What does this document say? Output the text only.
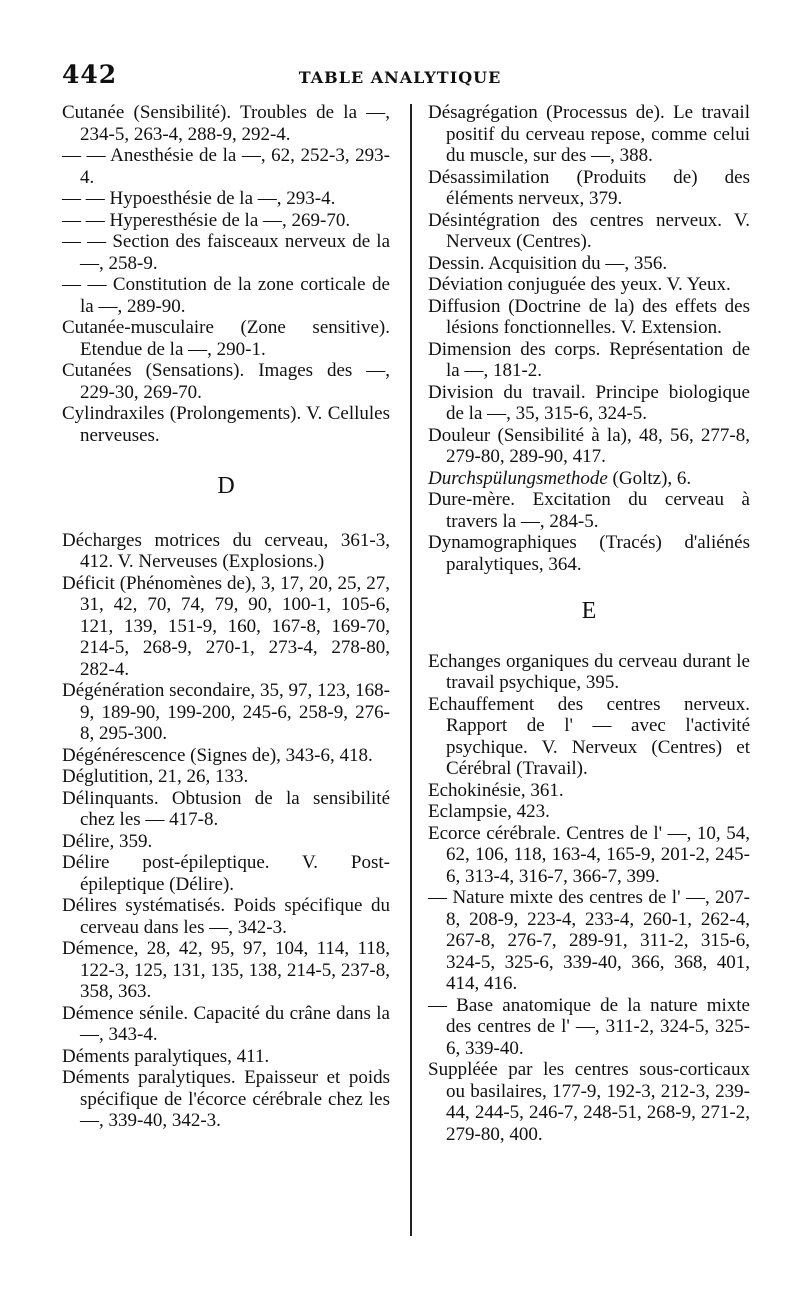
442	TABLE ANALYTIQUE

Cutanée (Sensibilité). Troubles de la —, 234-5, 263-4, 288-9, 292-4.

— — Anesthésie de la —, 62, 252-3, 293-4.

— — Hypoesthésie de la —, 293-4.

— — Hyperesthésie de la —, 269-70.

— — Section des faisceaux nerveux de la —, 258-9.

— — Constitution de la zone corticale de la —, 289-90.

Cutanée-musculaire (Zone sensitive). Etendue de la —, 290-1.

Cutanées (Sensations). Images des —, 229-30, 269-70.

Cylindraxiles (Prolongements). V. Cellules nerveuses.

D

Décharges motrices du cerveau, 361-3, 412. V. Nerveuses (Explosions.)

Déficit (Phénomènes de), 3, 17, 20, 25, 27, 31, 42, 70, 74, 79, 90, 100-1, 105-6, 121, 139, 151-9, 160, 167-8, 169-70, 214-5, 268-9, 270-1, 273-4, 278-80, 282-4.

Dégénération secondaire, 35, 97, 123, 168-9, 189-90, 199-200, 245-6, 258-9, 276-8, 295-300.

Dégénérescence (Signes de), 343-6, 418.

Déglutition, 21, 26, 133.

Délinquants. Obtusion de la sensibilité chez les — 417-8.

Délire, 359.

Délire post-épileptique. V. Post-épileptique (Délire).

Délires systématisés. Poids spécifique du cerveau dans les —, 342-3.

Démence, 28, 42, 95, 97, 104, 114, 118, 122-3, 125, 131, 135, 138, 214-5, 237-8, 358, 363.

Démence sénile. Capacité du crâne dans la —, 343-4.

Déments paralytiques, 411.

Déments paralytiques. Epaisseur et poids spécifique de l'écorce cérébrale chez les —, 339-40, 342-3.

Désagrégation (Processus de). Le travail positif du cerveau repose, comme celui du muscle, sur des —, 388.

Désassimilation (Produits de) des éléments nerveux, 379.

Désintégration des centres nerveux. V. Nerveux (Centres).

Dessin. Acquisition du —, 356.

Déviation conjuguée des yeux. V. Yeux.

Diffusion (Doctrine de la) des effets des lésions fonctionnelles. V. Extension.

Dimension des corps. Représentation de la —, 181-2.

Division du travail. Principe biologique de la —, 35, 315-6, 324-5.

Douleur (Sensibilité à la), 48, 56, 277-8, 279-80, 289-90, 417.

Durchspülungsmethode (Goltz), 6.

Dure-mère. Excitation du cerveau à travers la —, 284-5.

Dynamographiques (Tracés) d'aliénés paralytiques, 364.

E

Echanges organiques du cerveau durant le travail psychique, 395.

Echauffement des centres nerveux. Rapport de l' — avec l'activité psychique. V. Nerveux (Centres) et Cérébral (Travail).

Echokinésie, 361.

Eclampsie, 423.

Ecorce cérébrale. Centres de l' —, 10, 54, 62, 106, 118, 163-4, 165-9, 201-2, 245-6, 313-4, 316-7, 366-7, 399.

— Nature mixte des centres de l' —, 207-8, 208-9, 223-4, 233-4, 260-1, 262-4, 267-8, 276-7, 289-91, 311-2, 315-6, 324-5, 325-6, 339-40, 366, 368, 401, 414, 416.

— Base anatomique de la nature mixte des centres de l' —, 311-2, 324-5, 325-6, 339-40.

Suppléée par les centres sous-corticaux ou basilaires, 177-9, 192-3, 212-3, 239-44, 244-5, 246-7, 248-51, 268-9, 271-2, 279-80, 400.
